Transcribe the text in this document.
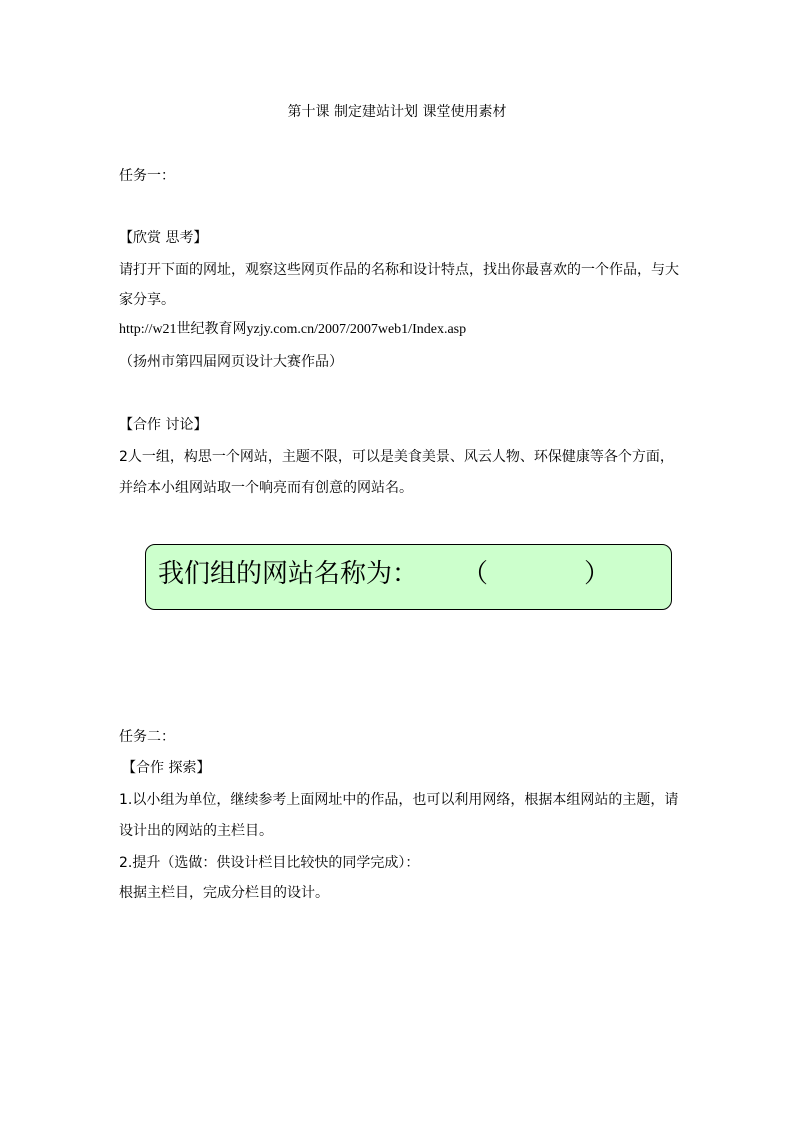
第十课 制定建站计划 课堂使用素材

任务一：

【欣赏 思考】

请打开下面的网址，观察这些网页作品的名称和设计特点，找出你最喜欢的一个作品，与大

家分享。

http://w21世纪教育网yzjy.com.cn/2007/2007web1/Index.asp

（扬州市第四届网页设计大赛作品）

【合作 讨论】

2人一组，构思一个网站，主题不限，可以是美食美景、风云人物、环保健康等各个方面，

并给本小组网站取一个响亮而有创意的网站名。

我们组的网站名称为： （	）

任务二：

【合作 探索】

1.以小组为单位，继续参考上面网址中的作品，也可以利用网络，根据本组网站的主题，请

设计出的网站的主栏目。

2.提升（选做：供设计栏目比较快的同学完成）：

根据主栏目，完成分栏目的设计。
